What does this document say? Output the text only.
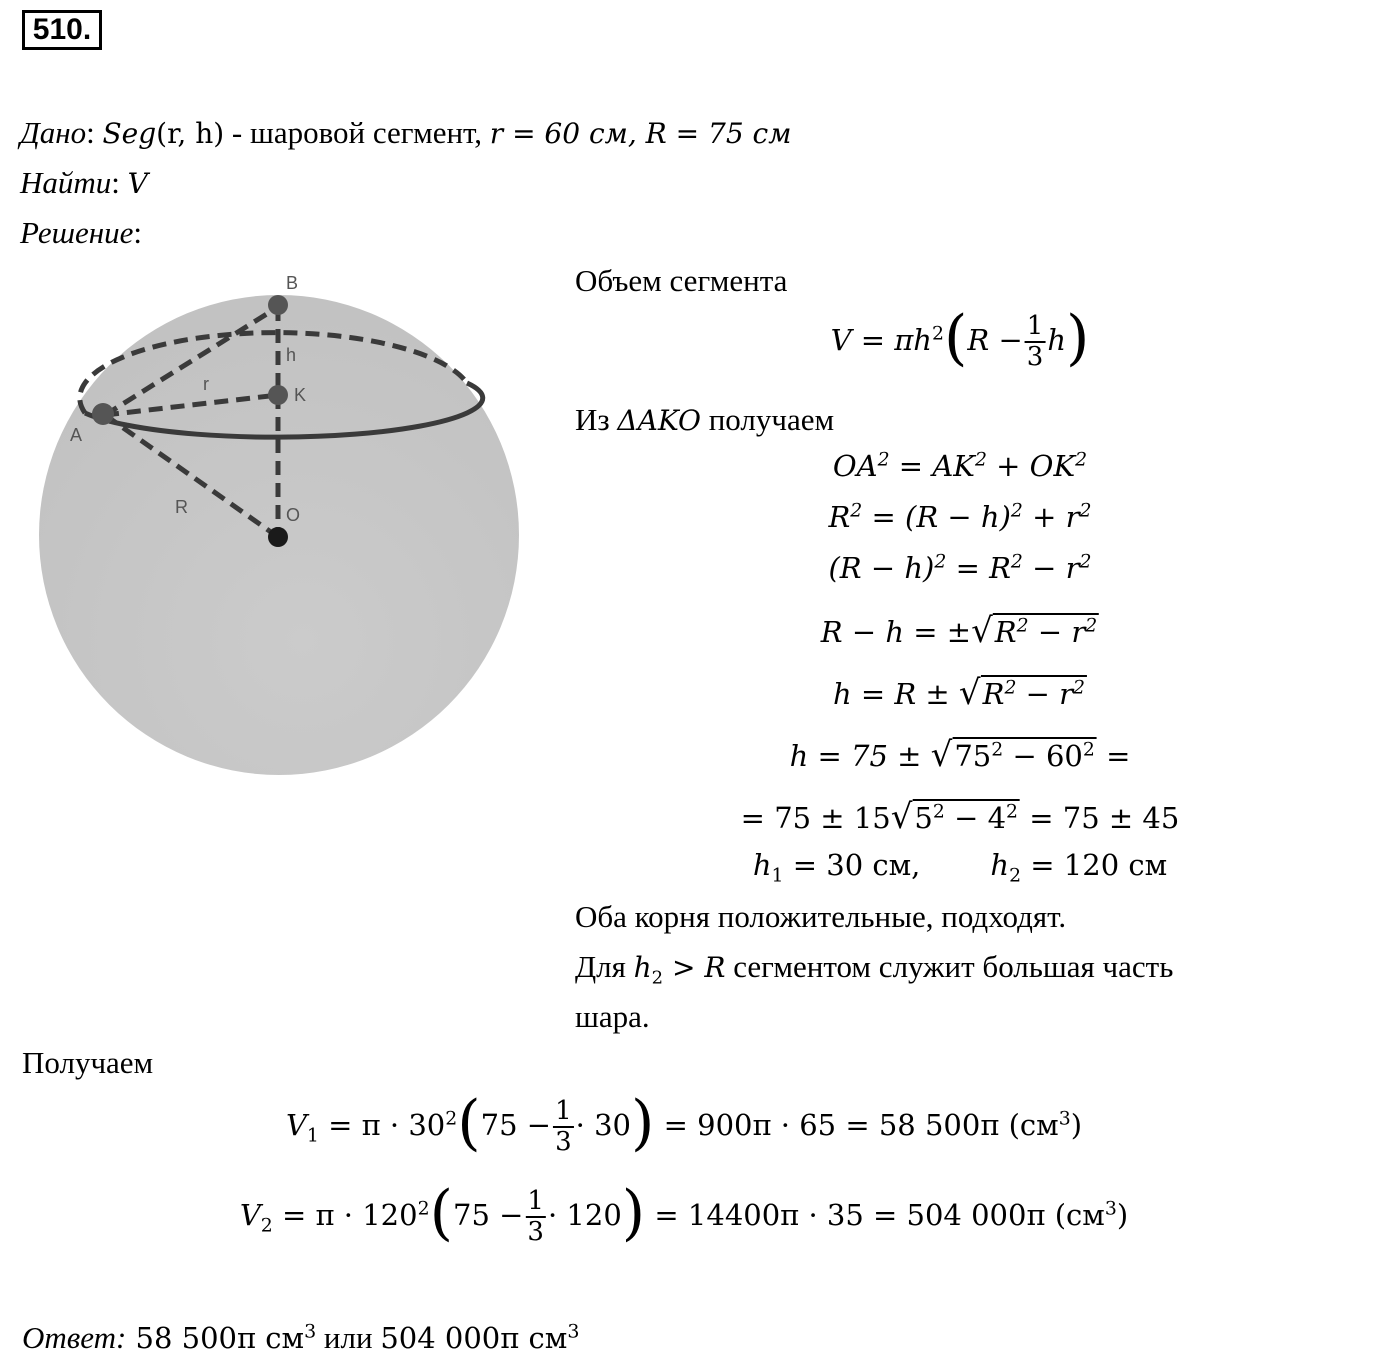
510.
Дано: Seg(r, h) - шаровой сегмент, r = 60 см, R = 75 см
Найти: V
Решение:
B
K
A
O
h
r
R
Объем сегмента
$V = \pi h^2(R - \frac{1}{3} h)$
Из ΔAKO получаем
$OA^2 = AK^2 + OK^2$
$R^2 = (R - h)^2 + r^2$
$(R - h)^2 = R^2 - r^2$
$R - h = \pm√R^2 - r^2$
$h = R \pm √R^2 - r^2$
$h = 75 \pm √75^2 - 60^2$ =
= $75 \pm 15√5^2 - 4^2 = 75 \pm 45$
$h_1 = 30$ см, $h_2 = 120$ см
Оба корня положительные, подходят.
Для $h_2 > R$ сегментом служит большая часть
шара.
Получаем
$V_1 = \pi \cdot 30^2(75 - \frac{1}{3} \cdot 30) = 900\pi \cdot 65 = 58$ 500π $(см^3)$
$V_2 = \pi \cdot 120^2(75 - \frac{1}{3} \cdot 120) = 14400\pi \cdot 35 = 504$ 000π $(см^3)$
Ответ: 58 500π $см^3$ или 504 000π $см^3$
